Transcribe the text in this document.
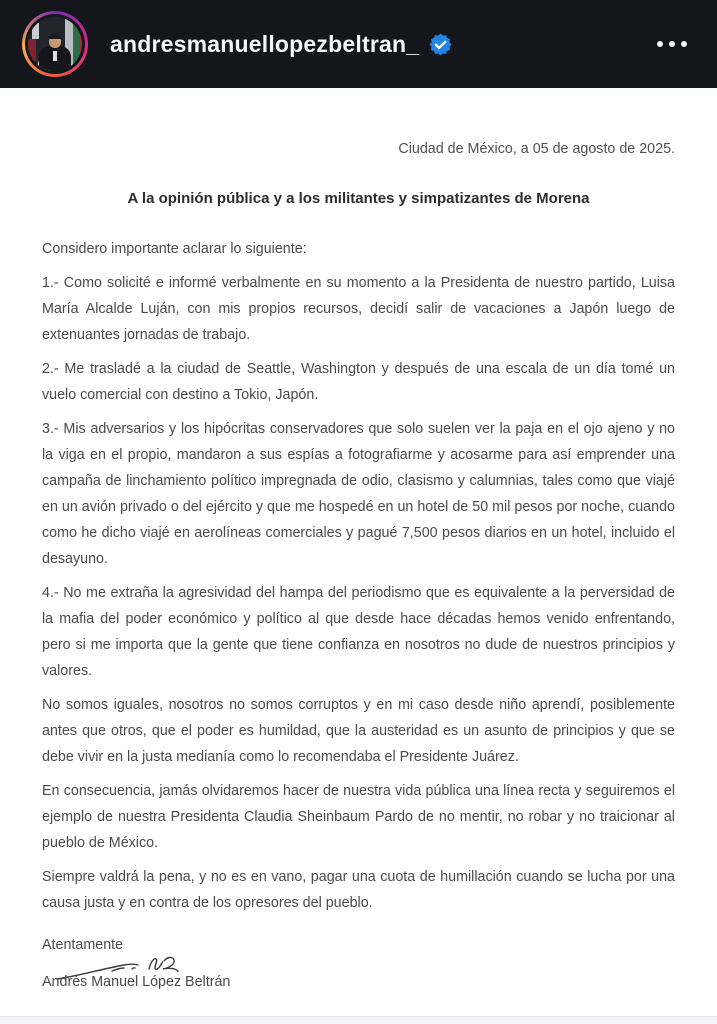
andresmanuellopezbeltran_

Ciudad de México, a 05 de agosto de 2025.

A la opinión pública y a los militantes y simpatizantes de Morena

Considero importante aclarar lo siguiente:

1.- Como solicité e informé verbalmente en su momento a la Presidenta de nuestro partido, Luisa María Alcalde Luján, con mis propios recursos, decidí salir de vacaciones a Japón luego de extenuantes jornadas de trabajo.

2.- Me trasladé a la ciudad de Seattle, Washington y después de una escala de un día tomé un vuelo comercial con destino a Tokio, Japón.

3.- Mis adversarios y los hipócritas conservadores que solo suelen ver la paja en el ojo ajeno y no la viga en el propio, mandaron a sus espías a fotografiarme y acosarme para así emprender una campaña de linchamiento político impregnada de odio, clasismo y calumnias, tales como que viajé en un avión privado o del ejército y que me hospedé en un hotel de 50 mil pesos por noche, cuando como he dicho viajé en aerolíneas comerciales y pagué 7,500 pesos diarios en un hotel, incluido el desayuno.

4.- No me extraña la agresividad del hampa del periodismo que es equivalente a la perversidad de la mafia del poder económico y político al que desde hace décadas hemos venido enfrentando, pero si me importa que la gente que tiene confianza en nosotros no dude de nuestros principios y valores.

No somos iguales, nosotros no somos corruptos y en mi caso desde niño aprendí, posiblemente antes que otros, que el poder es humildad, que la austeridad es un asunto de principios y que se debe vivir en la justa medianía como lo recomendaba el Presidente Juárez.

En consecuencia, jamás olvidaremos hacer de nuestra vida pública una línea recta y seguiremos el ejemplo de nuestra Presidenta Claudia Sheinbaum Pardo de no mentir, no robar y no traicionar al pueblo de México.

Siempre valdrá la pena, y no es en vano, pagar una cuota de humillación cuando se lucha por una causa justa y en contra de los opresores del pueblo.

Atentamente

Andrés Manuel López Beltrán
